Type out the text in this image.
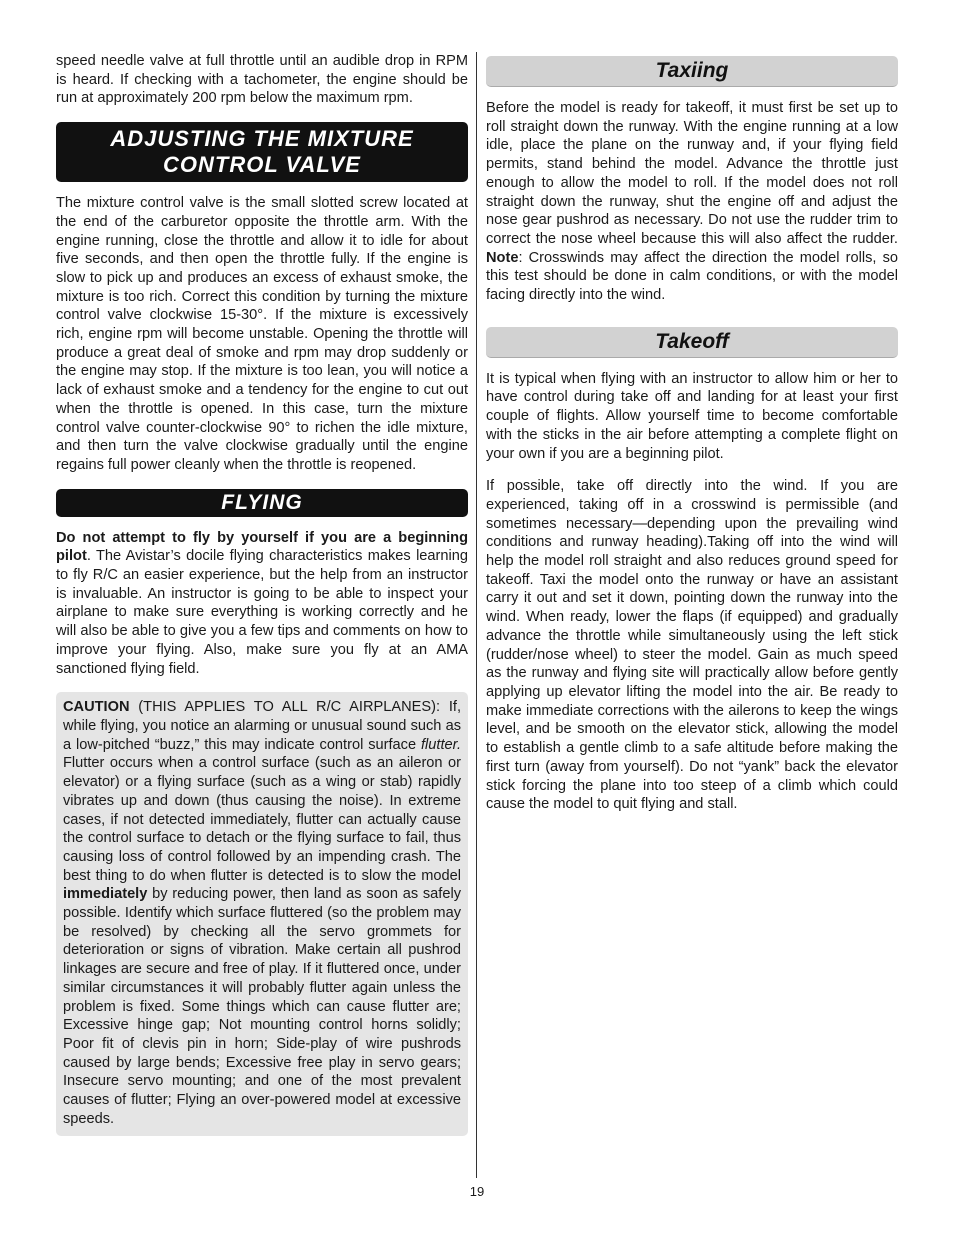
speed needle valve at full throttle until an audible drop in RPM is heard. If checking with a tachometer, the engine should be run at approximately 200 rpm below the maximum rpm.

ADJUSTING THE MIXTURE
CONTROL VALVE

The mixture control valve is the small slotted screw located at the end of the carburetor opposite the throttle arm. With the engine running, close the throttle and allow it to idle for about five seconds, and then open the throttle fully. If the engine is slow to pick up and produces an excess of exhaust smoke, the mixture is too rich. Correct this condition by turning the mixture control valve clockwise 15-30°. If the mixture is excessively rich, engine rpm will become unstable. Opening the throttle will produce a great deal of smoke and rpm may drop suddenly or the engine may stop. If the mixture is too lean, you will notice a lack of exhaust smoke and a tendency for the engine to cut out when the throttle is opened. In this case, turn the mixture control valve counter-clockwise 90° to richen the idle mixture, and then turn the valve clockwise gradually until the engine regains full power cleanly when the throttle is reopened.

FLYING

Do not attempt to fly by yourself if you are a beginning pilot. The Avistar’s docile flying characteristics makes learning to fly R/C an easier experience, but the help from an instructor is invaluable. An instructor is going to be able to inspect your airplane to make sure everything is working correctly and he will also be able to give you a few tips and comments on how to improve your flying. Also, make sure you fly at an AMA sanctioned flying field.

CAUTION (THIS APPLIES TO ALL R/C AIRPLANES): If, while flying, you notice an alarming or unusual sound such as a low-pitched “buzz,” this may indicate control surface flutter. Flutter occurs when a control surface (such as an aileron or elevator) or a flying surface (such as a wing or stab) rapidly vibrates up and down (thus causing the noise). In extreme cases, if not detected immediately, flutter can actually cause the control surface to detach or the flying surface to fail, thus causing loss of control followed by an impending crash. The best thing to do when flutter is detected is to slow the model immediately by reducing power, then land as soon as safely possible. Identify which surface fluttered (so the problem may be resolved) by checking all the servo grommets for deterioration or signs of vibration. Make certain all pushrod linkages are secure and free of play. If it fluttered once, under similar circumstances it will probably flutter again unless the problem is fixed. Some things which can cause flutter are; Excessive hinge gap; Not mounting control horns solidly; Poor fit of clevis pin in horn; Side-play of wire pushrods caused by large bends; Excessive free play in servo gears; Insecure servo mounting; and one of the most prevalent causes of flutter; Flying an over-powered model at excessive speeds.

Taxiing

Before the model is ready for takeoff, it must first be set up to roll straight down the runway. With the engine running at a low idle, place the plane on the runway and, if your flying field permits, stand behind the model. Advance the throttle just enough to allow the model to roll. If the model does not roll straight down the runway, shut the engine off and adjust the nose gear pushrod as necessary. Do not use the rudder trim to correct the nose wheel because this will also affect the rudder. Note: Crosswinds may affect the direction the model rolls, so this test should be done in calm conditions, or with the model facing directly into the wind.

Takeoff

It is typical when flying with an instructor to allow him or her to have control during take off and landing for at least your first couple of flights. Allow yourself time to become comfortable with the sticks in the air before attempting a complete flight on your own if you are a beginning pilot.

If possible, take off directly into the wind. If you are experienced, taking off in a crosswind is permissible (and sometimes necessary—depending upon the prevailing wind conditions and runway heading).Taking off into the wind will help the model roll straight and also reduces ground speed for takeoff. Taxi the model onto the runway or have an assistant carry it out and set it down, pointing down the runway into the wind. When ready, lower the flaps (if equipped) and gradually advance the throttle while simultaneously using the left stick (rudder/nose wheel) to steer the model. Gain as much speed as the runway and flying site will practically allow before gently applying up elevator lifting the model into the air. Be ready to make immediate corrections with the ailerons to keep the wings level, and be smooth on the elevator stick, allowing the model to establish a gentle climb to a safe altitude before making the first turn (away from yourself). Do not “yank” back the elevator stick forcing the plane into too steep of a climb which could cause the model to quit flying and stall.

19
